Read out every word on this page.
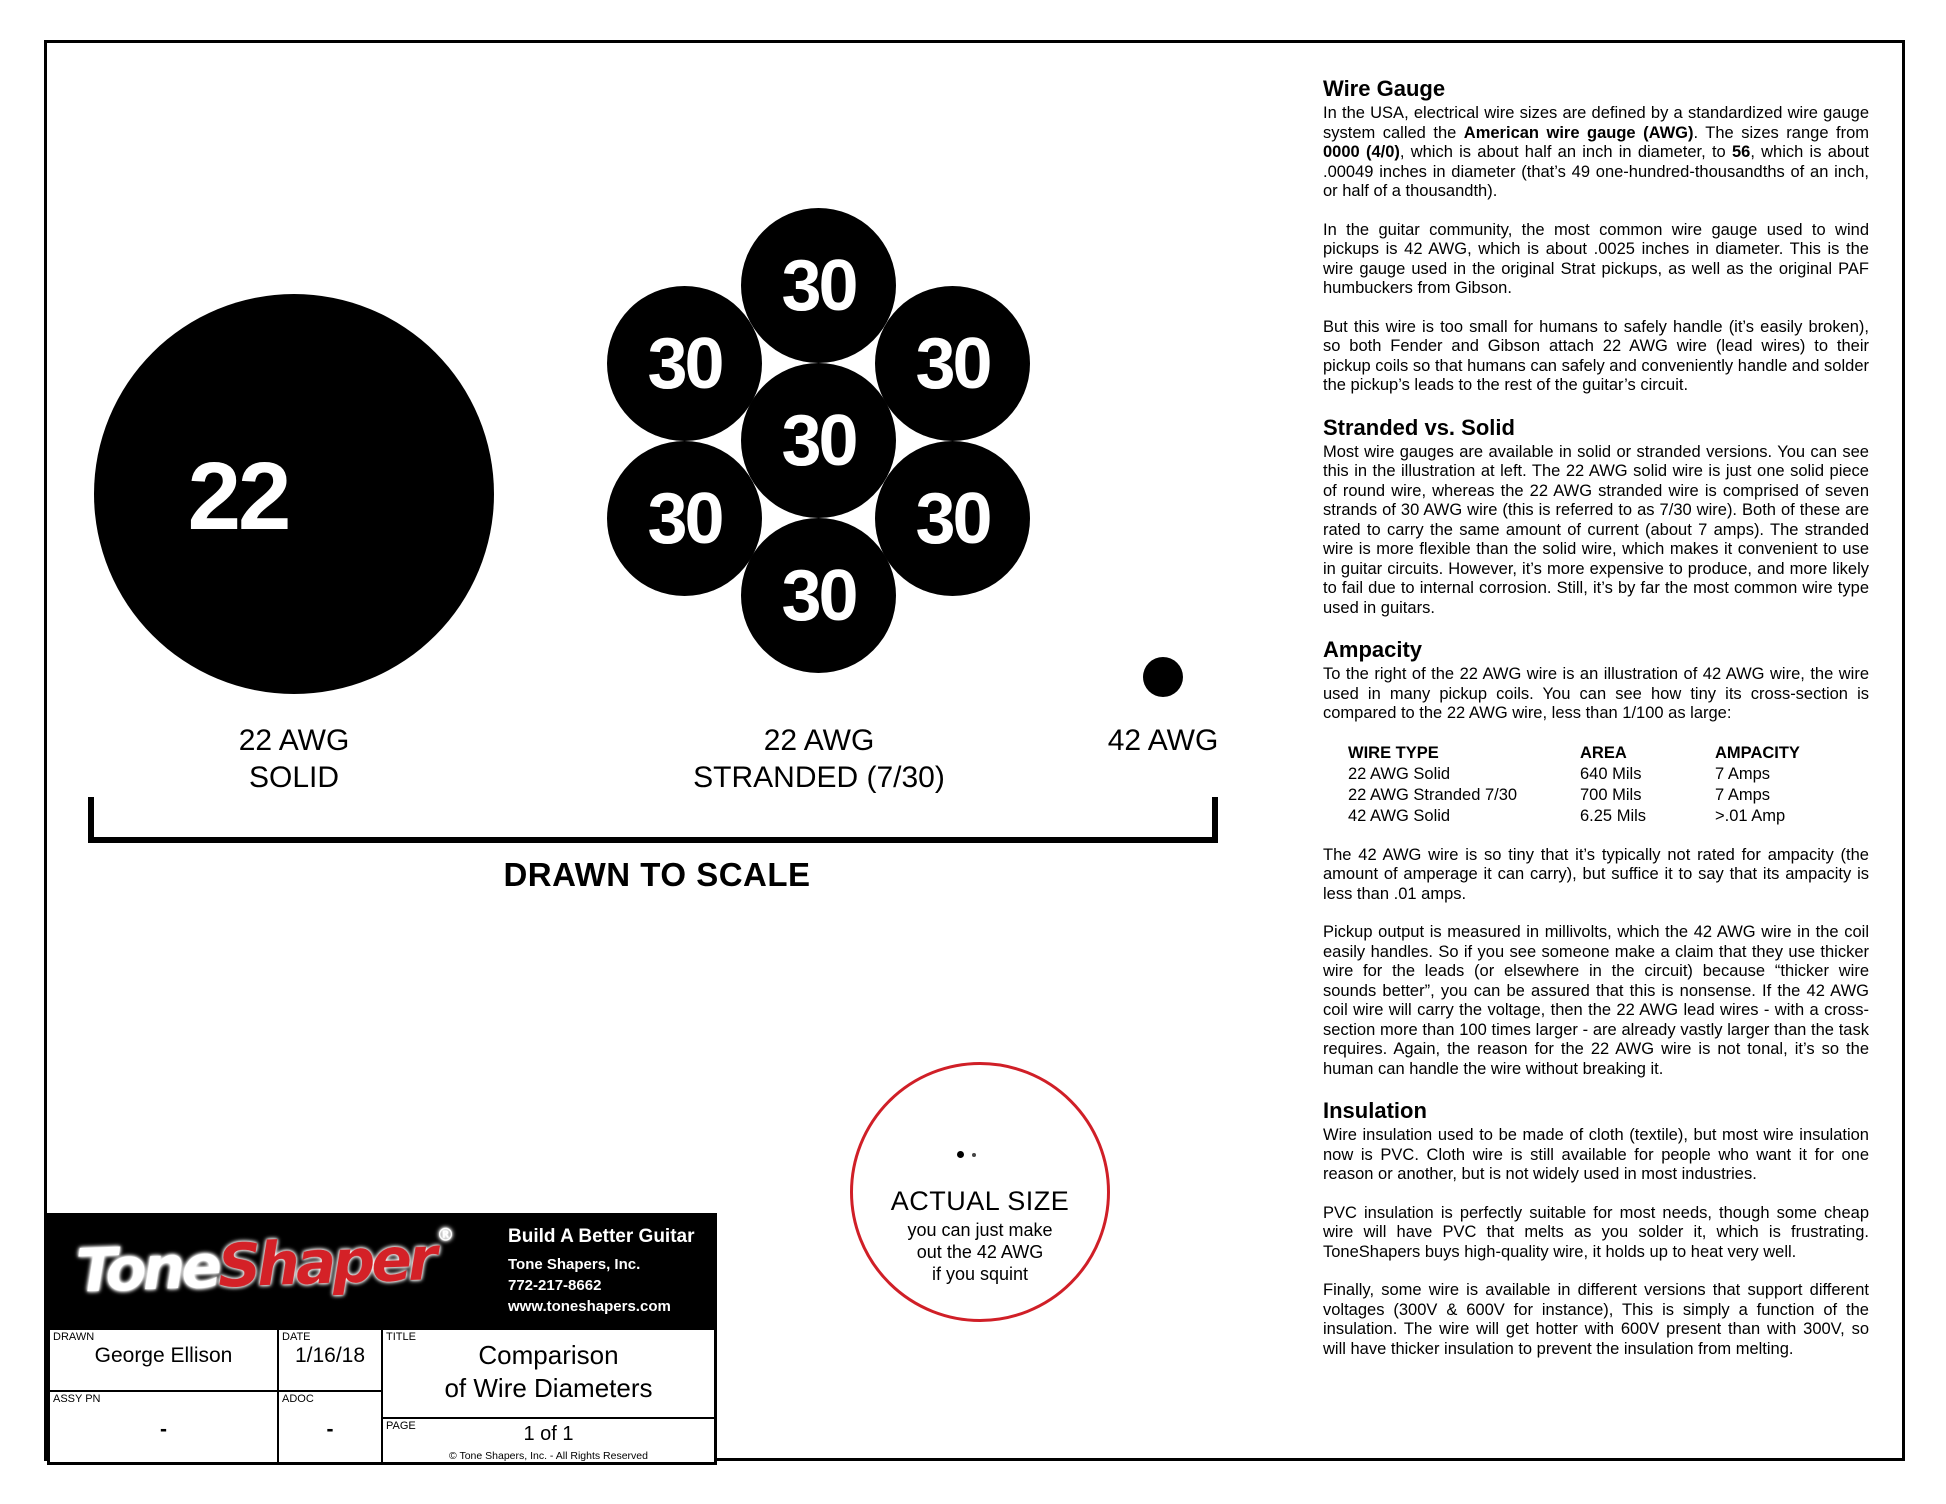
22
30
30	30
30
30	30
30
22 AWG
SOLID
22 AWG
STRANDED (7/30)
42 AWG
DRAWN TO SCALE
ACTUAL SIZE
you can just make
out the 42 AWG
if you squint
ToneShaper®	Build A Better Guitar
Tone Shapers, Inc.
772-217-8662
www.toneshapers.com
DRAWN
George Ellison
DATE
1/16/18
TITLE
Comparison
of Wire Diameters
ASSY PN
-
ADOC
-	PAGE	1 of 1
© Tone Shapers, Inc. - All Rights Reserved
Wire Gauge

In the USA, electrical wire sizes are defined by a standardized wire gauge system called the American wire gauge (AWG). The sizes range from 0000 (4/0), which is about half an inch in diameter, to 56, which is about .00049 inches in diameter (that’s 49 one-hundred-thousandths of an inch, or half of a thousandth).

In the guitar community, the most common wire gauge used to wind pickups is 42 AWG, which is about .0025 inches in diameter. This is the wire gauge used in the original Strat pickups, as well as the original PAF humbuckers from Gibson.

But this wire is too small for humans to safely handle (it’s easily broken), so both Fender and Gibson attach 22 AWG wire (lead wires) to their pickup coils so that humans can safely and conveniently handle and solder the pickup’s leads to the rest of the guitar’s circuit.

Stranded vs. Solid

Most wire gauges are available in solid or stranded versions. You can see this in the illustration at left. The 22 AWG solid wire is just one solid piece of round wire, whereas the 22 AWG stranded wire is comprised of seven strands of 30 AWG wire (this is referred to as 7/30 wire). Both of these are rated to carry the same amount of current (about 7 amps). The stranded wire is more flexible than the solid wire, which makes it convenient to use in guitar circuits. However, it’s more expensive to produce, and more likely to fail due to internal corrosion. Still, it’s by far the most common wire type used in guitars.

Ampacity

To the right of the 22 AWG wire is an illustration of 42 AWG wire, the wire used in many pickup coils. You can see how tiny its cross-section is compared to the 22 AWG wire, less than 1/100 as large:

WIRE TYPE	AREA	AMPACITY
22 AWG Solid	640 Mils	7 Amps
22 AWG Stranded 7/30	700 Mils	7 Amps
42 AWG Solid	6.25 Mils	>.01 Amp

The 42 AWG wire is so tiny that it’s typically not rated for ampacity (the amount of amperage it can carry), but suffice it to say that its ampacity is less than .01 amps.

Pickup output is measured in millivolts, which the 42 AWG wire in the coil easily handles. So if you see someone make a claim that they use thicker wire for the leads (or elsewhere in the circuit) because “thicker wire sounds better”, you can be assured that this is nonsense. If the 42 AWG coil wire will carry the voltage, then the 22 AWG lead wires - with a cross-section more than 100 times larger - are already vastly larger than the task requires. Again, the reason for the 22 AWG wire is not tonal, it’s so the human can handle the wire without breaking it.

Insulation

Wire insulation used to be made of cloth (textile), but most wire insulation now is PVC. Cloth wire is still available for people who want it for one reason or another, but is not widely used in most industries.

PVC insulation is perfectly suitable for most needs, though some cheap wire will have PVC that melts as you solder it, which is frustrating. ToneShapers buys high-quality wire, it holds up to heat very well.

Finally, some wire is available in different versions that support different voltages (300V & 600V for instance), This is simply a function of the insulation. The wire will get hotter with 600V present than with 300V, so will have thicker insulation to prevent the insulation from melting.
